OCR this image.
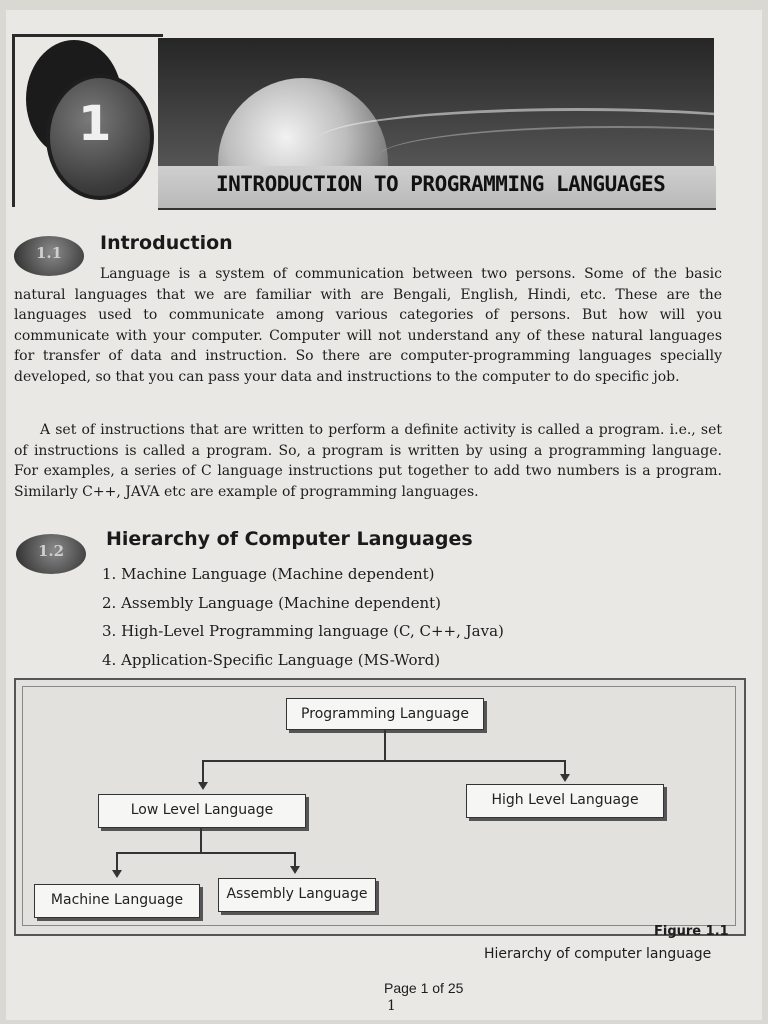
INTRODUCTION TO PROGRAMMING LANGUAGES
1
1.1 Introduction

Language is a system of communication between two persons. Some of the basic natural languages that we are familiar with are Bengali, English, Hindi, etc. These are the languages used to communicate among various categories of persons. But how will you communicate with your computer. Computer will not understand any of these natural languages for transfer of data and instruction. So there are computer-programming languages specially developed, so that you can pass your data and instructions to the computer to do specific job.

A set of instructions that are written to perform a definite activity is called a program. i.e., set of instructions is called a program. So, a program is written by using a programming language. For examples, a series of C language instructions put together to add two numbers is a program. Similarly C++, JAVA etc are example of programming languages.

1.2
Hierarchy of Computer Languages
1. Machine Language (Machine dependent)
2. Assembly Language (Machine dependent)
3. High-Level Programming language (C, C++, Java)
4. Application-Specific Language (MS-Word)
Programming Language
Low Level Language
High Level Language
Machine Language	Assembly Language
Figure 1.1
Hierarchy of computer language
Page 1 of 25
1
